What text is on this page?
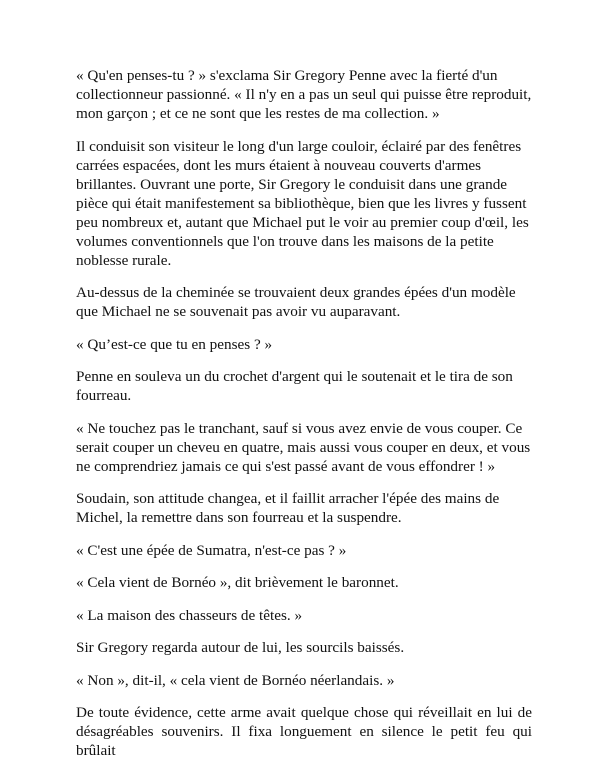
« Qu'en penses-tu ? » s'exclama Sir Gregory Penne avec la fierté d'un collectionneur passionné. « Il n'y en a pas un seul qui puisse être reproduit, mon garçon ; et ce ne sont que les restes de ma collection. »

Il conduisit son visiteur le long d'un large couloir, éclairé par des fenêtres carrées espacées, dont les murs étaient à nouveau couverts d'armes brillantes. Ouvrant une porte, Sir Gregory le conduisit dans une grande pièce qui était manifestement sa bibliothèque, bien que les livres y fussent peu nombreux et, autant que Michael put le voir au premier coup d'œil, les volumes conventionnels que l'on trouve dans les maisons de la petite noblesse rurale.

Au-dessus de la cheminée se trouvaient deux grandes épées d'un modèle que Michael ne se souvenait pas avoir vu auparavant.

« Qu’est-ce que tu en penses ? »

Penne en souleva un du crochet d'argent qui le soutenait et le tira de son fourreau.

« Ne touchez pas le tranchant, sauf si vous avez envie de vous couper. Ce serait couper un cheveu en quatre, mais aussi vous couper en deux, et vous ne comprendriez jamais ce qui s'est passé avant de vous effondrer ! »

Soudain, son attitude changea, et il faillit arracher l'épée des mains de Michel, la remettre dans son fourreau et la suspendre.

« C'est une épée de Sumatra, n'est-ce pas ? »

« Cela vient de Bornéo », dit brièvement le baronnet.

« La maison des chasseurs de têtes. »

Sir Gregory regarda autour de lui, les sourcils baissés.

« Non », dit-il, « cela vient de Bornéo néerlandais. »

De toute évidence, cette arme avait quelque chose qui réveillait en lui de désagréables souvenirs. Il fixa longuement en silence le petit feu qui brûlait
